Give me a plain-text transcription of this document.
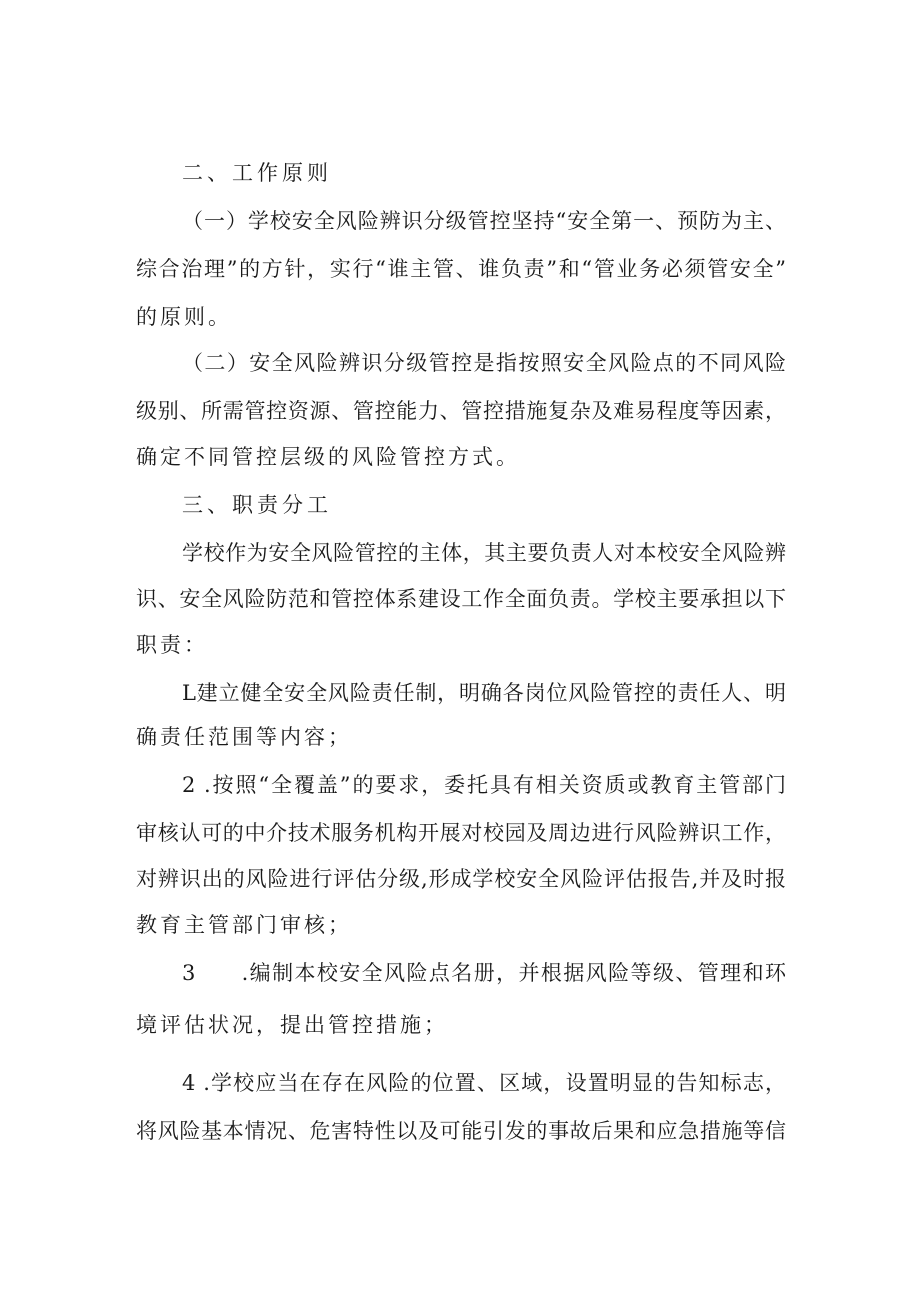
二、工作原则
（一）学校安全风险辨识分级管控坚持“安全第一、预防为主、
综合治理”的方针，实行“谁主管、谁负责”和“管业务必须管安全”
的原则。
（二）安全风险辨识分级管控是指按照安全风险点的不同风险
级别、所需管控资源、管控能力、管控措施复杂及难易程度等因素，
确定不同管控层级的风险管控方式。
三、职责分工
学校作为安全风险管控的主体，其主要负责人对本校安全风险辨
识、安全风险防范和管控体系建设工作全面负责。学校主要承担以下
职责：
L建立健全安全风险责任制，明确各岗位风险管控的责任人、明
确责任范围等内容；
2 .按照“全覆盖”的要求，委托具有相关资质或教育主管部门
审核认可的中介技术服务机构开展对校园及周边进行风险辨识工作，
对辨识出的风险进行评估分级,形成学校安全风险评估报告,并及时报
教育主管部门审核；
3　　.编制本校安全风险点名册，并根据风险等级、管理和环
境评估状况，提出管控措施；
4 .学校应当在存在风险的位置、区域，设置明显的告知标志，
将风险基本情况、危害特性以及可能引发的事故后果和应急措施等信
